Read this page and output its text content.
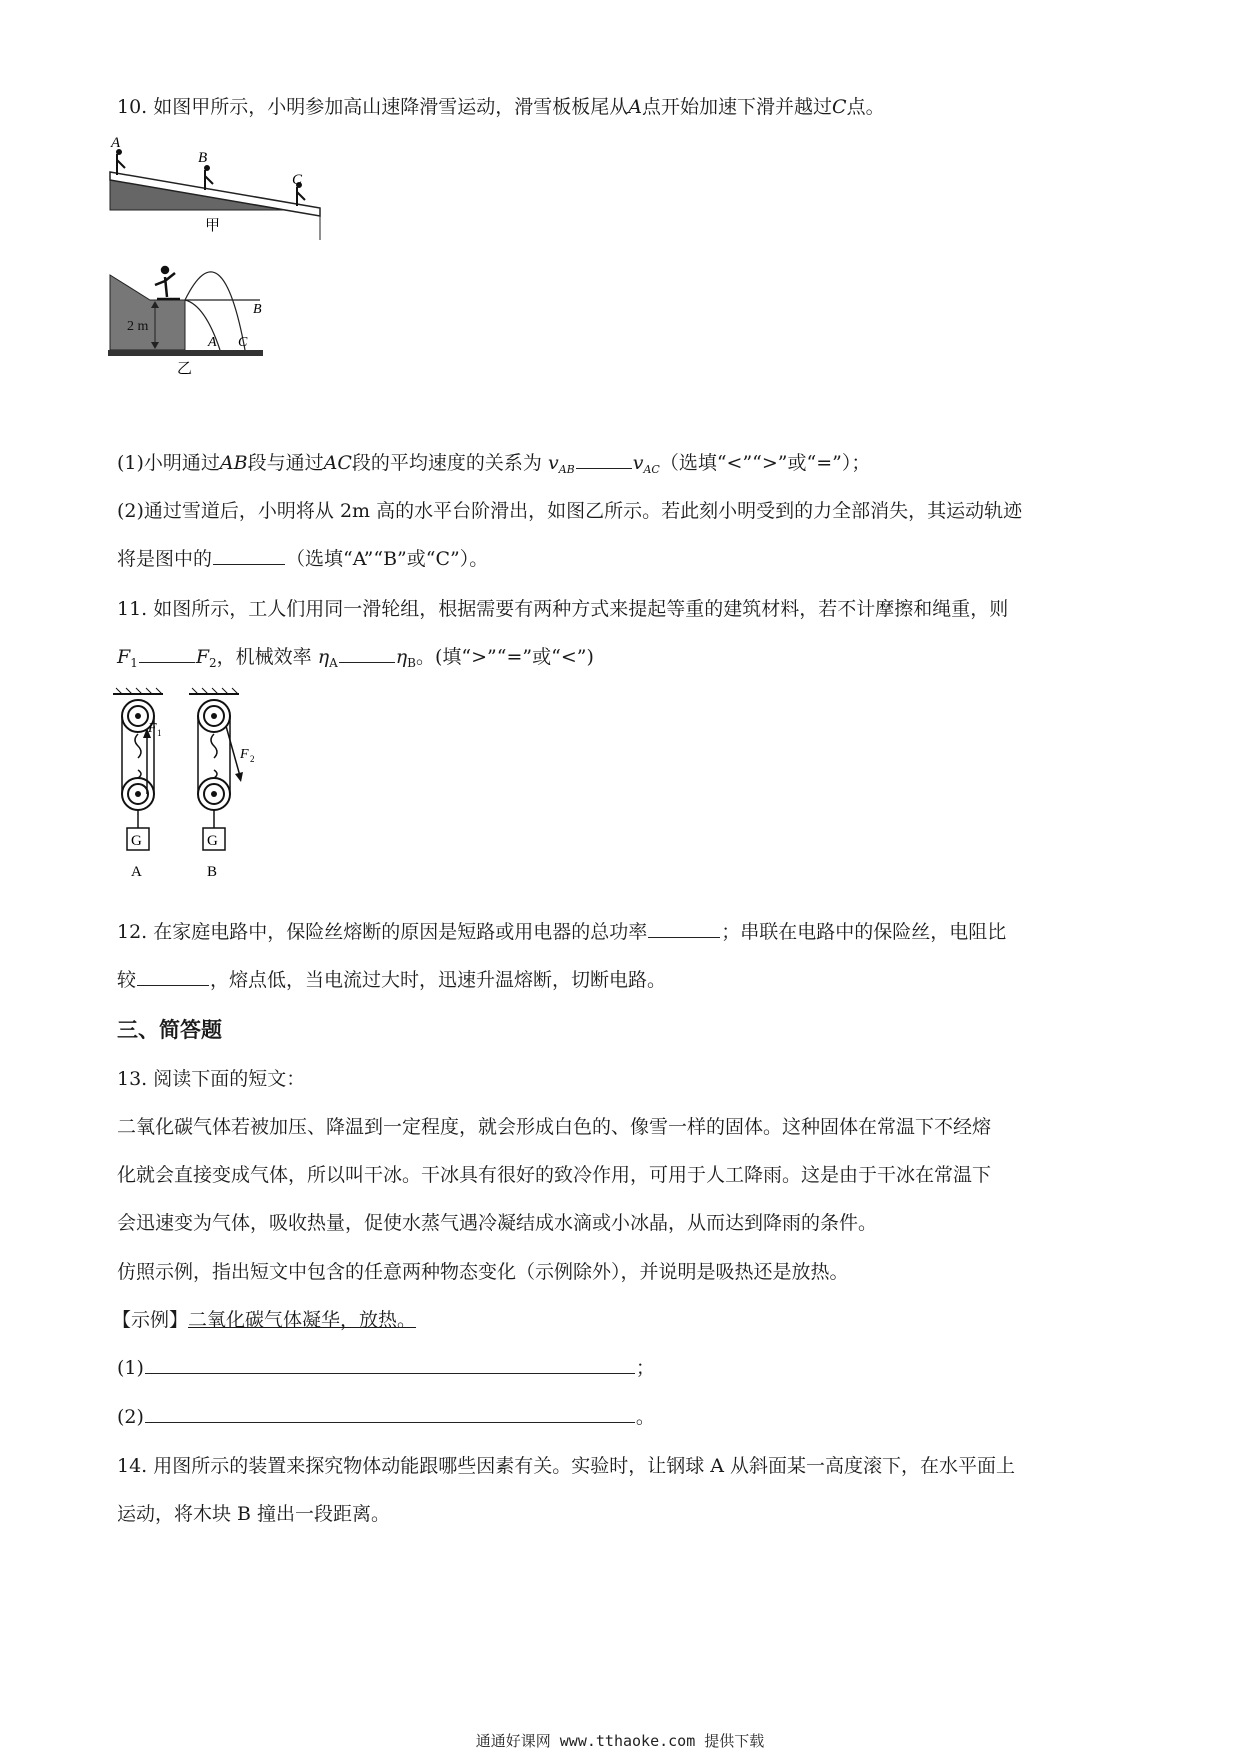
10. 如图甲所示，小明参加高山速降滑雪运动，滑雪板板尾从A点开始加速下滑并越过C点。
A
B
C
甲
2 m
B
A C
乙
(1)小明通过AB段与通过AC段的平均速度的关系为 $v_{AB}$	$v_{AC}$（选填“<”“>”或“=”）；
(2)通过雪道后，小明将从 2m 高的水平台阶滑出，如图乙所示。若此刻小明受到的力全部消失，其运动轨迹
将是图中的	（选填“A”“B”或“C”）。
11. 如图所示，工人们用同一滑轮组，根据需要有两种方式来提起等重的建筑材料，若不计摩擦和绳重，则
$F_1$	$F_2$，机械效率 $\eta_A$	$\eta_B$。(填“>”“=”或“<”)
F 1
G
A
F 2
G
B
12. 在家庭电路中，保险丝熔断的原因是短路或用电器的总功率	；串联在电路中的保险丝，电阻比
较	，熔点低，当电流过大时，迅速升温熔断，切断电路。
三、简答题
13. 阅读下面的短文：
二氧化碳气体若被加压、降温到一定程度，就会形成白色的、像雪一样的固体。这种固体在常温下不经熔
化就会直接变成气体，所以叫干冰。干冰具有很好的致冷作用，可用于人工降雨。这是由于干冰在常温下
会迅速变为气体，吸收热量，促使水蒸气遇冷凝结成水滴或小冰晶，从而达到降雨的条件。
仿照示例，指出短文中包含的任意两种物态变化（示例除外），并说明是吸热还是放热。
【示例】二氧化碳气体凝华，放热。
(1)	；
(2)	。
14. 用图所示的装置来探究物体动能跟哪些因素有关。实验时，让钢球 A 从斜面某一高度滚下，在水平面上
运动，将木块 B 撞出一段距离。
通通好课网 www.tthaoke.com 提供下载
